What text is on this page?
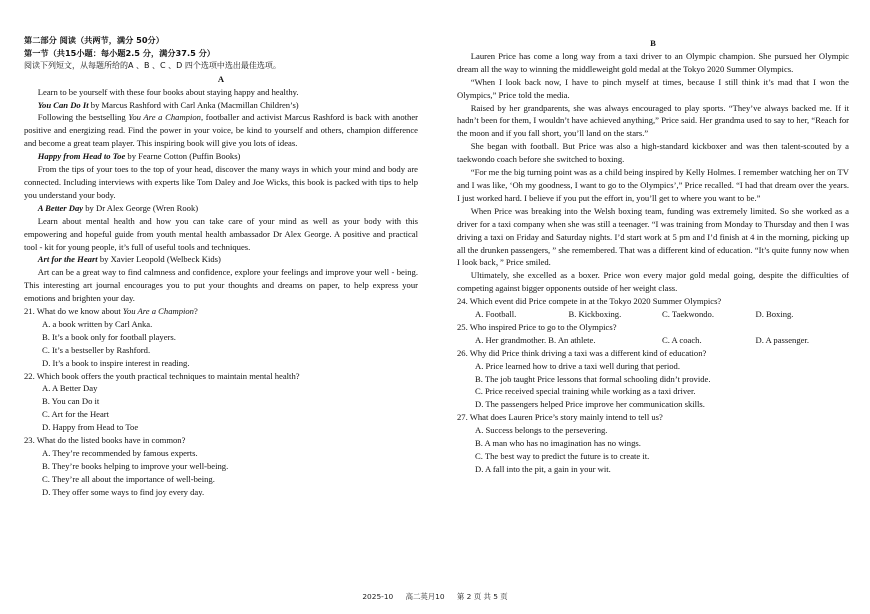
第二部分 阅读（共两节，满分 50分）

第一节（共15小题：每小题2.5 分，满分37.5 分）

阅读下列短文，从每题所给的A 、B 、C 、D 四个选项中选出最佳选项。

A

Learn to be yourself with these four books about staying happy and healthy.

You Can Do It by Marcus Rashford with Carl Anka (Macmillan Children’s)

Following the bestselling You Are a Champion, footballer and activist Marcus Rashford is back with another positive and energizing read. Find the power in your voice, be kind to yourself and others, champion difference and become a great team player. This inspiring book will give you lots of ideas.

Happy from Head to Toe by Fearne Cotton (Puffin Books)

From the tips of your toes to the top of your head, discover the many ways in which your mind and body are connected. Including interviews with experts like Tom Daley and Joe Wicks, this book is packed with tips to help you understand your body.

A Better Day by Dr Alex George (Wren Rook)

Learn about mental health and how you can take care of your mind as well as your body with this empowering and hopeful guide from youth mental health ambassador Dr Alex George. A positive and practical tool - kit for young people, it’s full of useful tools and techniques.

Art for the Heart by Xavier Leopold (Welbeck Kids)

Art can be a great way to find calmness and confidence, explore your feelings and improve your well - being. This interesting art journal encourages you to put your thoughts and dreams on paper, to help express your emotions and brighten your day.

21. What do we know about You Are a Champion?

A. a book written by Carl Anka.

B. It’s a book only for football players.

C. It’s a bestseller by Rashford.

D. It’s a book to inspire interest in reading.

22. Which book offers the youth practical techniques to maintain mental health?

A. A Better Day

B. You can Do it

C. Art for the Heart

D. Happy from Head to Toe

23. What do the listed books have in common?

A. They’re recommended by famous experts.

B. They’re books helping to improve your well-being.

C. They’re all about the importance of well-being.

D. They offer some ways to find joy every day.

B

Lauren Price has come a long way from a taxi driver to an Olympic champion. She pursued her Olympic dream all the way to winning the middleweight gold medal at the Tokyo 2020 Summer Olympics.

“When I look back now, I have to pinch myself at times, because I still think it’s mad that I won the Olympics,” Price told the media.

Raised by her grandparents, she was always encouraged to play sports. “They’ve always backed me. If it hadn’t been for them, I wouldn’t have achieved anything,” Price said. Her grandma used to say to her, “Reach for the moon and if you fall short, you’ll land on the stars.”

She began with football. But Price was also a high-standard kickboxer and was then talent-scouted by a taekwondo coach before she switched to boxing.

“For me the big turning point was as a child being inspired by Kelly Holmes. I remember watching her on TV and I was like, ‘Oh my goodness, I want to go to the Olympics’,” Price recalled. “I had that dream over the years. I just worked hard. I believe if you put the effort in, you’ll get to where you want to be.”

When Price was breaking into the Welsh boxing team, funding was extremely limited. So she worked as a driver for a taxi company when she was still a teenager. “I was training from Monday to Thursday and then I was driving a taxi on Friday and Saturday nights. I’d start work at 5 pm and I’d finish at 4 in the morning, picking up all the drunken passengers, ” she remembered. That was a different kind of education. “It’s quite funny now when I look back，” Price smiled.

Ultimately, she excelled as a boxer. Price won every major gold medal going, despite the difficulties of competing against bigger opponents outside of her weight class.

24. Which event did Price compete in at the Tokyo 2020 Summer Olympics?

A. Football.	B. Kickboxing.	C. Taekwondo.	D. Boxing.

25. Who inspired Price to go to the Olympics?

A. Her grandmother. B. An athlete.	C. A coach.	D. A passenger.

26. Why did Price think driving a taxi was a different kind of education?

A. Price learned how to drive a taxi well during that period.

B. The job taught Price lessons that formal schooling didn’t provide.

C. Price received special training while working as a taxi driver.

D. The passengers helped Price improve her communication skills.

27. What does Lauren Price’s story mainly intend to tell us?

A. Success belongs to the persevering.

B. A man who has no imagination has no wings.

C. The best way to predict the future is to create it.

D. A fall into the pit, a gain in your wit.

2025-10 高二英月10 第 2 页 共 5 页
